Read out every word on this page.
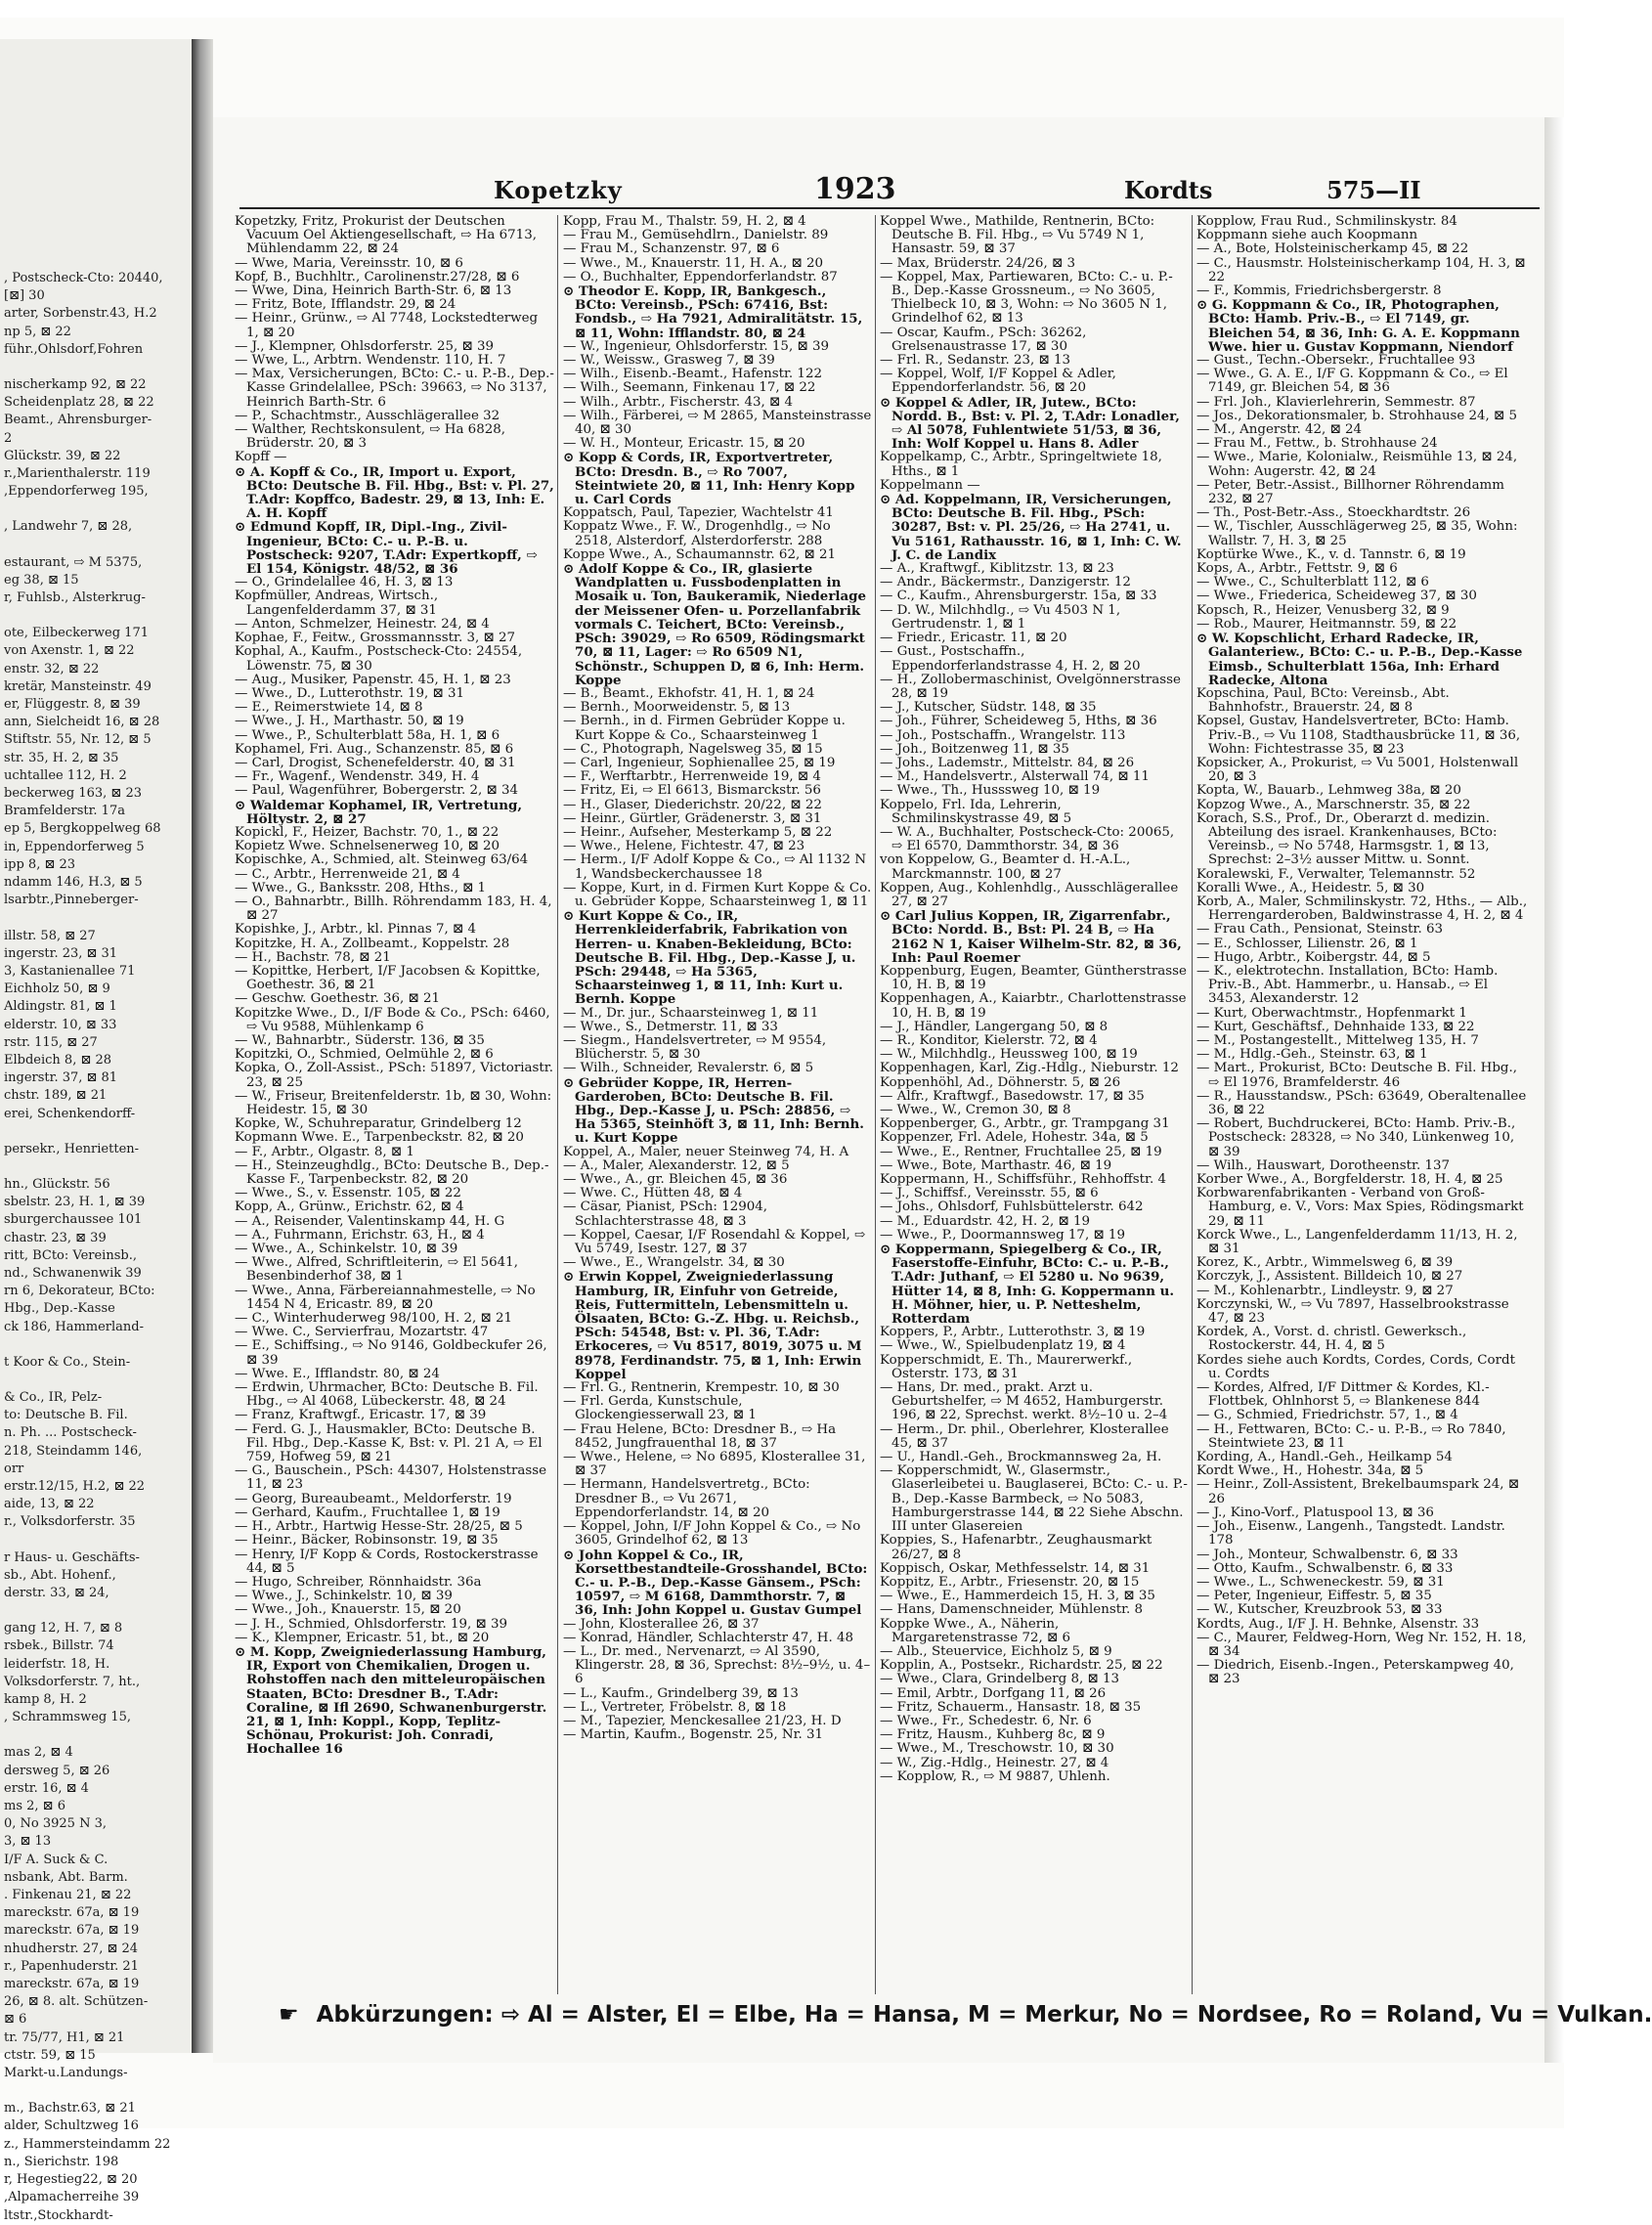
, Postscheck-Cto: 20440,
[⊠] 30
arter, Sorbenstr.43, H.2
np 5, ⊠ 22
führ.,Ohlsdorf,Fohren
nischerkamp 92, ⊠ 22
Scheidenplatz 28, ⊠ 22
Beamt., Ahrensburger-
2
Glückstr. 39, ⊠ 22
r.,Marienthalerstr. 119
,Eppendorferweg 195,
, Landwehr 7, ⊠ 28,
estaurant, ⇨ M 5375,
eg 38, ⊠ 15
r, Fuhlsb., Alsterkrug-
ote, Eilbeckerweg 171
von Axenstr. 1, ⊠ 22
enstr. 32, ⊠ 22
kretär, Mansteinstr. 49
er, Flüggestr. 8, ⊠ 39
ann, Sielcheidt 16, ⊠ 28
Stiftstr. 55, Nr. 12, ⊠ 5
str. 35, H. 2, ⊠ 35
uchtallee 112, H. 2
beckerweg 163, ⊠ 23
Bramfelderstr. 17a
ep 5, Bergkoppelweg 68
in, Eppendorferweg 5
ipp 8, ⊠ 23
ndamm 146, H.3, ⊠ 5
lsarbtr.,Pinneberger-
illstr. 58, ⊠ 27
ingerstr. 23, ⊠ 31
3, Kastanienallee 71
Eichholz 50, ⊠ 9
Aldingstr. 81, ⊠ 1
elderstr. 10, ⊠ 33
rstr. 115, ⊠ 27
Elbdeich 8, ⊠ 28
ingerstr. 37, ⊠ 81
chstr. 189, ⊠ 21
erei, Schenkendorff-
persekr., Henrietten-
hn., Glückstr. 56
sbelstr. 23, H. 1, ⊠ 39
sburgerchaussee 101
chastr. 23, ⊠ 39
ritt, BCto: Vereinsb.,
nd., Schwanenwik 39
rn 6, Dekorateur, BCto:
Hbg., Dep.-Kasse
ck 186, Hammerland-
t Koor & Co., Stein-
& Co., IR, Pelz-
to: Deutsche B. Fil.
n. Ph. ... Postscheck-
218, Steindamm 146,
orr
erstr.12/15, H.2, ⊠ 22
aide, 13, ⊠ 22
r., Volksdorferstr. 35
r Haus- u. Geschäfts-
sb., Abt. Hohenf.,
derstr. 33, ⊠ 24,
gang 12, H. 7, ⊠ 8
rsbek., Billstr. 74
leiderfstr. 18, H.
Volksdorferstr. 7, ht.,
kamp 8, H. 2
, Schrammsweg 15,
mas 2, ⊠ 4
dersweg 5, ⊠ 26
erstr. 16, ⊠ 4
ms 2, ⊠ 6
0, No 3925 N 3,
3, ⊠ 13
I/F A. Suck & C.
nsbank, Abt. Barm.
. Finkenau 21, ⊠ 22
mareckstr. 67a, ⊠ 19
mareckstr. 67a, ⊠ 19
nhudherstr. 27, ⊠ 24
r., Papenhuderstr. 21
mareckstr. 67a, ⊠ 19
26, ⊠ 8. alt. Schützen-
⊠ 6
tr. 75/77, H1, ⊠ 21
ctstr. 59, ⊠ 15
Markt-u.Landungs-
m., Bachstr.63, ⊠ 21
alder, Schultzweg 16
z., Hammersteindamm 22
n., Sierichstr. 198
r, Hegestieg22, ⊠ 20
,Alpamacherreihe 39
ltstr.,Stockhardt-
Kopetzky	1923	Kordts	575—II

Kopetzky, Fritz, Prokurist der Deutschen Vacuum Oel Aktiengesellschaft, ⇨ Ha 6713, Mühlendamm 22, ⊠ 24

— Wwe, Maria, Vereinsstr. 10, ⊠ 6

Kopf, B., Buchhltr., Carolinenstr.27/28, ⊠ 6

— Wwe, Dina, Heinrich Barth-Str. 6, ⊠ 13

— Fritz, Bote, Ifflandstr. 29, ⊠ 24

— Heinr., Grünw., ⇨ Al 7748, Lockstedterweg 1, ⊠ 20

— J., Klempner, Ohlsdorferstr. 25, ⊠ 39

— Wwe, L., Arbtrn. Wendenstr. 110, H. 7

— Max, Versicherungen, BCto: C.- u. P.-B., Dep.-Kasse Grindelallee, PSch: 39663, ⇨ No 3137, Heinrich Barth-Str. 6

— P., Schachtmstr., Ausschlägerallee 32

— Walther, Rechtskonsulent, ⇨ Ha 6828, Brüderstr. 20, ⊠ 3

Kopff —

⊙ A. Kopff & Co., IR, Import u. Export, BCto: Deutsche B. Fil. Hbg., Bst: v. Pl. 27, T.Adr: Kopffco, Badestr. 29, ⊠ 13, Inh: E. A. H. Kopff

⊙ Edmund Kopff, IR, Dipl.-Ing., Zivil-Ingenieur, BCto: C.- u. P.-B. u. Postscheck: 9207, T.Adr: Expertkopff, ⇨ El 154, Königstr. 48/52, ⊠ 36

— O., Grindelallee 46, H. 3, ⊠ 13

Kopfmüller, Andreas, Wirtsch., Langenfelderdamm 37, ⊠ 31

— Anton, Schmelzer, Heinestr. 24, ⊠ 4

Kophae, F., Feitw., Grossmannsstr. 3, ⊠ 27

Kophal, A., Kaufm., Postscheck-Cto: 24554, Löwenstr. 75, ⊠ 30

— Aug., Musiker, Papenstr. 45, H. 1, ⊠ 23

— Wwe., D., Lutterothstr. 19, ⊠ 31

— E., Reimerstwiete 14, ⊠ 8

— Wwe., J. H., Marthastr. 50, ⊠ 19

— Wwe., P., Schulterblatt 58a, H. 1, ⊠ 6

Kophamel, Fri. Aug., Schanzenstr. 85, ⊠ 6

— Carl, Drogist, Schenefelderstr. 40, ⊠ 31

— Fr., Wagenf., Wendenstr. 349, H. 4

— Paul, Wagenführer, Bobergerstr. 2, ⊠ 34

⊙ Waldemar Kophamel, IR, Vertretung, Höltystr. 2, ⊠ 27

Kopickl, F., Heizer, Bachstr. 70, 1., ⊠ 22

Kopietz Wwe. Schnelsenerweg 10, ⊠ 20

Kopischke, A., Schmied, alt. Steinweg 63/64

— C., Arbtr., Herrenweide 21, ⊠ 4

— Wwe., G., Banksstr. 208, Hths., ⊠ 1

— O., Bahnarbtr., Billh. Röhrendamm 183, H. 4, ⊠ 27

Kopishke, J., Arbtr., kl. Pinnas 7, ⊠ 4

Kopitzke, H. A., Zollbeamt., Koppelstr. 28

— H., Bachstr. 78, ⊠ 21

— Kopittke, Herbert, I/F Jacobsen & Kopittke, Goethestr. 36, ⊠ 21

— Geschw. Goethestr. 36, ⊠ 21

Kopitzke Wwe., D., I/F Bode & Co., PSch: 6460, ⇨ Vu 9588, Mühlenkamp 6

— W., Bahnarbtr., Süderstr. 136, ⊠ 35

Kopitzki, O., Schmied, Oelmühle 2, ⊠ 6

Kopka, O., Zoll-Assist., PSch: 51897, Victoriastr. 23, ⊠ 25

— W., Friseur, Breitenfelderstr. 1b, ⊠ 30, Wohn: Heidestr. 15, ⊠ 30

Kopke, W., Schuhreparatur, Grindelberg 12

Kopmann Wwe. E., Tarpenbeckstr. 82, ⊠ 20

— F., Arbtr., Olgastr. 8, ⊠ 1

— H., Steinzeughdlg., BCto: Deutsche B., Dep.-Kasse F., Tarpenbeckstr. 82, ⊠ 20

— Wwe., S., v. Essenstr. 105, ⊠ 22

Kopp, A., Grünw., Erichstr. 62, ⊠ 4

— A., Reisender, Valentinskamp 44, H. G

— A., Fuhrmann, Erichstr. 63, H., ⊠ 4

— Wwe., A., Schinkelstr. 10, ⊠ 39

— Wwe., Alfred, Schriftleiterin, ⇨ El 5641, Besenbinderhof 38, ⊠ 1

— Wwe., Anna, Färbereiannahmestelle, ⇨ No 1454 N 4, Ericastr. 89, ⊠ 20

— C., Winterhuderweg 98/100, H. 2, ⊠ 21

— Wwe. C., Servierfrau, Mozartstr. 47

— E., Schiffsing., ⇨ No 9146, Goldbeckufer 26, ⊠ 39

— Wwe. E., Ifflandstr. 80, ⊠ 24

— Erdwin, Uhrmacher, BCto: Deutsche B. Fil. Hbg., ⇨ Al 4068, Lübeckerstr. 48, ⊠ 24

— Franz, Kraftwgf., Ericastr. 17, ⊠ 39

— Ferd. G. J., Hausmakler, BCto: Deutsche B. Fil. Hbg., Dep.-Kasse K, Bst: v. Pl. 21 A, ⇨ El 759, Hofweg 59, ⊠ 21

— G., Bauschein., PSch: 44307, Holstenstrasse 11, ⊠ 23

— Georg, Bureaubeamt., Meldorferstr. 19

— Gerhard, Kaufm., Fruchtallee 1, ⊠ 19

— H., Arbtr., Hartwig Hesse-Str. 28/25, ⊠ 5

— Heinr., Bäcker, Robinsonstr. 19, ⊠ 35

— Henry, I/F Kopp & Cords, Rostockerstrasse 44, ⊠ 5

— Hugo, Schreiber, Rönnhaidstr. 36a

— Wwe., J., Schinkelstr. 10, ⊠ 39

— Wwe., Joh., Knauerstr. 15, ⊠ 20

— J. H., Schmied, Ohlsdorferstr. 19, ⊠ 39

— K., Klempner, Ericastr. 51, bt., ⊠ 20

⊙ M. Kopp, Zweigniederlassung Hamburg, IR, Export von Chemikalien, Drogen u. Rohstoffen nach den mitteleuropäischen Staaten, BCto: Dresdner B., T.Adr: Coraline, ⊠ Ifl 2690, Schwanenburgerstr. 21, ⊠ 1, Inh: Koppl., Kopp, Teplitz-Schönau, Prokurist: Joh. Conradi, Hochallee 16

Kopp, Frau M., Thalstr. 59, H. 2, ⊠ 4

— Frau M., Gemüsehdlrn., Danielstr. 89

— Frau M., Schanzenstr. 97, ⊠ 6

— Wwe., M., Knauerstr. 11, H. A., ⊠ 20

— O., Buchhalter, Eppendorferlandstr. 87

⊙ Theodor E. Kopp, IR, Bankgesch., BCto: Vereinsb., PSch: 67416, Bst: Fondsb., ⇨ Ha 7921, Admiralitätstr. 15, ⊠ 11, Wohn: Ifflandstr. 80, ⊠ 24

— W., Ingenieur, Ohlsdorferstr. 15, ⊠ 39

— W., Weissw., Grasweg 7, ⊠ 39

— Wilh., Eisenb.-Beamt., Hafenstr. 122

— Wilh., Seemann, Finkenau 17, ⊠ 22

— Wilh., Arbtr., Fischerstr. 43, ⊠ 4

— Wilh., Färberei, ⇨ M 2865, Mansteinstrasse 40, ⊠ 30

— W. H., Monteur, Ericastr. 15, ⊠ 20

⊙ Kopp & Cords, IR, Exportvertreter, BCto: Dresdn. B., ⇨ Ro 7007, Steintwiete 20, ⊠ 11, Inh: Henry Kopp u. Carl Cords

Koppatsch, Paul, Tapezier, Wachtelstr 41

Koppatz Wwe., F. W., Drogenhdlg., ⇨ No 2518, Alsterdorf, Alsterdorferstr. 288

Koppe Wwe., A., Schaumannstr. 62, ⊠ 21

⊙ Adolf Koppe & Co., IR, glasierte Wandplatten u. Fussbodenplatten in Mosaik u. Ton, Baukeramik, Niederlage der Meissener Ofen- u. Porzellanfabrik vormals C. Teichert, BCto: Vereinsb., PSch: 39029, ⇨ Ro 6509, Rödingsmarkt 70, ⊠ 11, Lager: ⇨ Ro 6509 N1, Schönstr., Schuppen D, ⊠ 6, Inh: Herm. Koppe

— B., Beamt., Ekhofstr. 41, H. 1, ⊠ 24

— Bernh., Moorweidenstr. 5, ⊠ 13

— Bernh., in d. Firmen Gebrüder Koppe u. Kurt Koppe & Co., Schaarsteinweg 1

— C., Photograph, Nagelsweg 35, ⊠ 15

— Carl, Ingenieur, Sophienallee 25, ⊠ 19

— F., Werftarbtr., Herrenweide 19, ⊠ 4

— Fritz, Ei, ⇨ El 6613, Bismarckstr. 56

— H., Glaser, Diederichstr. 20/22, ⊠ 22

— Heinr., Gürtler, Grädenerstr. 3, ⊠ 31

— Heinr., Aufseher, Mesterkamp 5, ⊠ 22

— Wwe., Helene, Fichtestr. 47, ⊠ 23

— Herm., I/F Adolf Koppe & Co., ⇨ Al 1132 N 1, Wandsbeckerchaussee 18

— Koppe, Kurt, in d. Firmen Kurt Koppe & Co. u. Gebrüder Koppe, Schaarsteinweg 1, ⊠ 11

⊙ Kurt Koppe & Co., IR, Herrenkleiderfabrik, Fabrikation von Herren- u. Knaben-Bekleidung, BCto: Deutsche B. Fil. Hbg., Dep.-Kasse J, u. PSch: 29448, ⇨ Ha 5365, Schaarsteinweg 1, ⊠ 11, Inh: Kurt u. Bernh. Koppe

— M., Dr. jur., Schaarsteinweg 1, ⊠ 11

— Wwe., S., Detmerstr. 11, ⊠ 33

— Siegm., Handelsvertreter, ⇨ M 9554, Blücherstr. 5, ⊠ 30

— Wilh., Schneider, Revalerstr. 6, ⊠ 5

⊙ Gebrüder Koppe, IR, Herren-Garderoben, BCto: Deutsche B. Fil. Hbg., Dep.-Kasse J, u. PSch: 28856, ⇨ Ha 5365, Steinhöft 3, ⊠ 11, Inh: Bernh. u. Kurt Koppe

Koppel, A., Maler, neuer Steinweg 74, H. A

— A., Maler, Alexanderstr. 12, ⊠ 5

— Wwe., A., gr. Bleichen 45, ⊠ 36

— Wwe. C., Hütten 48, ⊠ 4

— Cäsar, Pianist, PSch: 12904, Schlachterstrasse 48, ⊠ 3

— Koppel, Caesar, I/F Rosendahl & Koppel, ⇨ Vu 5749, Isestr. 127, ⊠ 37

— Wwe., E., Wrangelstr. 34, ⊠ 30

⊙ Erwin Koppel, Zweigniederlassung Hamburg, IR, Einfuhr von Getreide, Reis, Futtermitteln, Lebensmitteln u. Ölsaaten, BCto: G.-Z. Hbg. u. Reichsb., PSch: 54548, Bst: v. Pl. 36, T.Adr: Erkoceres, ⇨ Vu 8517, 8019, 3075 u. M 8978, Ferdinandstr. 75, ⊠ 1, Inh: Erwin Koppel

— Frl. G., Rentnerin, Krempestr. 10, ⊠ 30

— Frl. Gerda, Kunstschule, Glockengiesserwall 23, ⊠ 1

— Frau Helene, BCto: Dresdner B., ⇨ Ha 8452, Jungfrauenthal 18, ⊠ 37

— Wwe., Helene, ⇨ No 6895, Klosterallee 31, ⊠ 37

— Hermann, Handelsvertretg., BCto: Dresdner B., ⇨ Vu 2671, Eppendorferlandstr. 14, ⊠ 20

— Koppel, John, I/F John Koppel & Co., ⇨ No 3605, Grindelhof 62, ⊠ 13

⊙ John Koppel & Co., IR, Korsettbestandteile-Grosshandel, BCto: C.- u. P.-B., Dep.-Kasse Gänsem., PSch: 10597, ⇨ M 6168, Dammthorstr. 7, ⊠ 36, Inh: John Koppel u. Gustav Gumpel

— John, Klosterallee 26, ⊠ 37

— Konrad, Händler, Schlachterstr 47, H. 48

— L., Dr. med., Nervenarzt, ⇨ Al 3590, Klingerstr. 28, ⊠ 36, Sprechst: 8½–9½, u. 4–6

— L., Kaufm., Grindelberg 39, ⊠ 13

— L., Vertreter, Fröbelstr. 8, ⊠ 18

— M., Tapezier, Menckesallee 21/23, H. D

— Martin, Kaufm., Bogenstr. 25, Nr. 31

Koppel Wwe., Mathilde, Rentnerin, BCto: Deutsche B. Fil. Hbg., ⇨ Vu 5749 N 1, Hansastr. 59, ⊠ 37

— Max, Brüderstr. 24/26, ⊠ 3

— Koppel, Max, Partiewaren, BCto: C.- u. P.-B., Dep.-Kasse Grossneum., ⇨ No 3605, Thielbeck 10, ⊠ 3, Wohn: ⇨ No 3605 N 1, Grindelhof 62, ⊠ 13

— Oscar, Kaufm., PSch: 36262, Grelsenaustrasse 17, ⊠ 30

— Frl. R., Sedanstr. 23, ⊠ 13

— Koppel, Wolf, I/F Koppel & Adler, Eppendorferlandstr. 56, ⊠ 20

⊙ Koppel & Adler, IR, Jutew., BCto: Nordd. B., Bst: v. Pl. 2, T.Adr: Lonadler, ⇨ Al 5078, Fuhlentwiete 51/53, ⊠ 36, Inh: Wolf Koppel u. Hans 8. Adler

Koppelkamp, C., Arbtr., Springeltwiete 18, Hths., ⊠ 1

Koppelmann —

⊙ Ad. Koppelmann, IR, Versicherungen, BCto: Deutsche B. Fil. Hbg., PSch: 30287, Bst: v. Pl. 25/26, ⇨ Ha 2741, u. Vu 5161, Rathausstr. 16, ⊠ 1, Inh: C. W. J. C. de Landix

— A., Kraftwgf., Kiblitzstr. 13, ⊠ 23

— Andr., Bäckermstr., Danzigerstr. 12

— C., Kaufm., Ahrensburgerstr. 15a, ⊠ 33

— D. W., Milchhdlg., ⇨ Vu 4503 N 1, Gertrudenstr. 1, ⊠ 1

— Friedr., Ericastr. 11, ⊠ 20

— Gust., Postschaffn., Eppendorferlandstrasse 4, H. 2, ⊠ 20

— H., Zollobermaschinist, Ovelgönnerstrasse 28, ⊠ 19

— J., Kutscher, Südstr. 148, ⊠ 35

— Joh., Führer, Scheideweg 5, Hths, ⊠ 36

— Joh., Postschaffn., Wrangelstr. 113

— Joh., Boitzenweg 11, ⊠ 35

— Johs., Lademstr., Mittelstr. 84, ⊠ 26

— M., Handelsvertr., Alsterwall 74, ⊠ 11

— Wwe., Th., Husssweg 10, ⊠ 19

Koppelo, Frl. Ida, Lehrerin, Schmilinskystrasse 49, ⊠ 5

— W. A., Buchhalter, Postscheck-Cto: 20065, ⇨ El 6570, Dammthorstr. 34, ⊠ 36

von Koppelow, G., Beamter d. H.-A.L., Marckmannstr. 100, ⊠ 27

Koppen, Aug., Kohlenhdlg., Ausschlägerallee 27, ⊠ 27

⊙ Carl Julius Koppen, IR, Zigarrenfabr., BCto: Nordd. B., Bst: Pl. 24 B, ⇨ Ha 2162 N 1, Kaiser Wilhelm-Str. 82, ⊠ 36, Inh: Paul Roemer

Koppenburg, Eugen, Beamter, Güntherstrasse 10, H. B, ⊠ 19

Koppenhagen, A., Kaiarbtr., Charlottenstrasse 10, H. B, ⊠ 19

— J., Händler, Langergang 50, ⊠ 8

— R., Konditor, Kielerstr. 72, ⊠ 4

— W., Milchhdlg., Heussweg 100, ⊠ 19

Koppenhagen, Karl, Zig.-Hdlg., Nieburstr. 12

Koppenhöhl, Ad., Döhnerstr. 5, ⊠ 26

— Alfr., Kraftwgf., Basedowstr. 17, ⊠ 35

— Wwe., W., Cremon 30, ⊠ 8

Koppenberger, G., Arbtr., gr. Trampgang 31

Koppenzer, Frl. Adele, Hohestr. 34a, ⊠ 5

— Wwe., E., Rentner, Fruchtallee 25, ⊠ 19

— Wwe., Bote, Marthastr. 46, ⊠ 19

Koppermann, H., Schiffsführ., Rehhoffstr. 4

— J., Schiffsf., Vereinsstr. 55, ⊠ 6

— Johs., Ohlsdorf, Fuhlsbüttelerstr. 642

— M., Eduardstr. 42, H. 2, ⊠ 19

— Wwe., P., Doormannsweg 17, ⊠ 19

⊙ Koppermann, Spiegelberg & Co., IR, Faserstoffe-Einfuhr, BCto: C.- u. P.-B., T.Adr: Juthanf, ⇨ El 5280 u. No 9639, Hütter 14, ⊠ 8, Inh: G. Koppermann u. H. Möhner, hier, u. P. Netteshelm, Rotterdam

Koppers, P., Arbtr., Lutterothstr. 3, ⊠ 19

— Wwe., W., Spielbudenplatz 19, ⊠ 4

Kopperschmidt, E. Th., Maurerwerkf., Osterstr. 173, ⊠ 31

— Hans, Dr. med., prakt. Arzt u. Geburtshelfer, ⇨ M 4652, Hamburgerstr. 196, ⊠ 22, Sprechst. werkt. 8½–10 u. 2–4

— Herm., Dr. phil., Oberlehrer, Klosterallee 45, ⊠ 37

— U., Handl.-Geh., Brockmannsweg 2a, H.

— Kopperschmidt, W., Glasermstr., Glaserleibetei u. Bauglaserei, BCto: C.- u. P.-B., Dep.-Kasse Barmbeck, ⇨ No 5083, Hamburgerstrasse 144, ⊠ 22 Siehe Abschn. III unter Glasereien

Koppies, S., Hafenarbtr., Zeughausmarkt 26/27, ⊠ 8

Koppisch, Oskar, Methfesselstr. 14, ⊠ 31

Koppitz, E., Arbtr., Friesenstr. 20, ⊠ 15

— Wwe., E., Hammerdeich 15, H. 3, ⊠ 35

— Hans, Damenschneider, Mühlenstr. 8

Koppke Wwe., A., Näherin, Margaretenstrasse 72, ⊠ 6

— Alb., Steuervice, Eichholz 5, ⊠ 9

Kopplin, A., Postsekr., Richardstr. 25, ⊠ 22

— Wwe., Clara, Grindelberg 8, ⊠ 13

— Emil, Arbtr., Dorfgang 11, ⊠ 26

— Fritz, Schauerm., Hansastr. 18, ⊠ 35

— Wwe., Fr., Schedestr. 6, Nr. 6

— Fritz, Hausm., Kuhberg 8c, ⊠ 9

— Wwe., M., Treschowstr. 10, ⊠ 30

— W., Zig.-Hdlg., Heinestr. 27, ⊠ 4

— Kopplow, R., ⇨ M 9887, Uhlenh.

Kopplow, Frau Rud., Schmilinskystr. 84

Koppmann siehe auch Koopmann

— A., Bote, Holsteinischerkamp 45, ⊠ 22

— C., Hausmstr. Holsteinischerkamp 104, H. 3, ⊠ 22

— F., Kommis, Friedrichsbergerstr. 8

⊙ G. Koppmann & Co., IR, Photographen, BCto: Hamb. Priv.-B., ⇨ El 7149, gr. Bleichen 54, ⊠ 36, Inh: G. A. E. Koppmann Wwe. hier u. Gustav Koppmann, Niendorf

— Gust., Techn.-Obersekr., Fruchtallee 93

— Wwe., G. A. E., I/F G. Koppmann & Co., ⇨ El 7149, gr. Bleichen 54, ⊠ 36

— Frl. Joh., Klavierlehrerin, Semmestr. 87

— Jos., Dekorationsmaler, b. Strohhause 24, ⊠ 5

— M., Angerstr. 42, ⊠ 24

— Frau M., Fettw., b. Strohhause 24

— Wwe., Marie, Kolonialw., Reismühle 13, ⊠ 24, Wohn: Augerstr. 42, ⊠ 24

— Peter, Betr.-Assist., Billhorner Röhrendamm 232, ⊠ 27

— Th., Post-Betr.-Ass., Stoeckhardtstr. 26

— W., Tischler, Ausschlägerweg 25, ⊠ 35, Wohn: Wallstr. 7, H. 3, ⊠ 25

Koptürke Wwe., K., v. d. Tannstr. 6, ⊠ 19

Kops, A., Arbtr., Fettstr. 9, ⊠ 6

— Wwe., C., Schulterblatt 112, ⊠ 6

— Wwe., Friederica, Scheideweg 37, ⊠ 30

Kopsch, R., Heizer, Venusberg 32, ⊠ 9

— Rob., Maurer, Heitmannstr. 59, ⊠ 22

⊙ W. Kopschlicht, Erhard Radecke, IR, Galanteriew., BCto: C.- u. P.-B., Dep.-Kasse Eimsb., Schulterblatt 156a, Inh: Erhard Radecke, Altona

Kopschina, Paul, BCto: Vereinsb., Abt. Bahnhofstr., Brauerstr. 24, ⊠ 8

Kopsel, Gustav, Handelsvertreter, BCto: Hamb. Priv.-B., ⇨ Vu 1108, Stadthausbrücke 11, ⊠ 36, Wohn: Fichtestrasse 35, ⊠ 23

Kopsicker, A., Prokurist, ⇨ Vu 5001, Holstenwall 20, ⊠ 3

Kopta, W., Bauarb., Lehmweg 38a, ⊠ 20

Kopzog Wwe., A., Marschnerstr. 35, ⊠ 22

Korach, S.S., Prof., Dr., Oberarzt d. medizin. Abteilung des israel. Krankenhauses, BCto: Vereinsb., ⇨ No 5748, Harmsgstr. 1, ⊠ 13, Sprechst: 2–3½ ausser Mittw. u. Sonnt.

Koralewski, F., Verwalter, Telemannstr. 52

Koralli Wwe., A., Heidestr. 5, ⊠ 30

Korb, A., Maler, Schmilinskystr. 72, Hths., — Alb., Herrengarderoben, Baldwinstrasse 4, H. 2, ⊠ 4

— Frau Cath., Pensionat, Steinstr. 63

— E., Schlosser, Lilienstr. 26, ⊠ 1

— Hugo, Arbtr., Koibergstr. 44, ⊠ 5

— K., elektrotechn. Installation, BCto: Hamb. Priv.-B., Abt. Hammerbr., u. Hansab., ⇨ El 3453, Alexanderstr. 12

— Kurt, Oberwachtmstr., Hopfenmarkt 1

— Kurt, Geschäftsf., Dehnhaide 133, ⊠ 22

— M., Postangestellt., Mittelweg 135, H. 7

— M., Hdlg.-Geh., Steinstr. 63, ⊠ 1

— Mart., Prokurist, BCto: Deutsche B. Fil. Hbg., ⇨ El 1976, Bramfelderstr. 46

— R., Hausstandsw., PSch: 63649, Oberaltenallee 36, ⊠ 22

— Robert, Buchdruckerei, BCto: Hamb. Priv.-B., Postscheck: 28328, ⇨ No 340, Lünkenweg 10, ⊠ 39

— Wilh., Hauswart, Dorotheenstr. 137

Korber Wwe., A., Borgfelderstr. 18, H. 4, ⊠ 25

Korbwarenfabrikanten - Verband von Groß-Hamburg, e. V., Vors: Max Spies, Rödingsmarkt 29, ⊠ 11

Korck Wwe., L., Langenfelderdamm 11/13, H. 2, ⊠ 31

Korez, K., Arbtr., Wimmelsweg 6, ⊠ 39

Korczyk, J., Assistent. Billdeich 10, ⊠ 27

— M., Kohlenarbtr., Lindleystr. 9, ⊠ 27

Korczynski, W., ⇨ Vu 7897, Hasselbrookstrasse 47, ⊠ 23

Kordek, A., Vorst. d. christl. Gewerksch., Rostockerstr. 44, H. 4, ⊠ 5

Kordes siehe auch Kordts, Cordes, Cords, Cordt u. Cordts

— Kordes, Alfred, I/F Dittmer & Kordes, Kl.-Flottbek, Ohlnhorst 5, ⇨ Blankenese 844

— G., Schmied, Friedrichstr. 57, 1., ⊠ 4

— H., Fettwaren, BCto: C.- u. P.-B., ⇨ Ro 7840, Steintwiete 23, ⊠ 11

Kording, A., Handl.-Geh., Heilkamp 54

Kordt Wwe., H., Hohestr. 34a, ⊠ 5

— Heinr., Zoll-Assistent, Brekelbaumspark 24, ⊠ 26

— J., Kino-Vorf., Platuspool 13, ⊠ 36

— Joh., Eisenw., Langenh., Tangstedt. Landstr. 178

— Joh., Monteur, Schwalbenstr. 6, ⊠ 33

— Otto, Kaufm., Schwalbenstr. 6, ⊠ 33

— Wwe., L., Schweneckestr. 59, ⊠ 31

— Peter, Ingenieur, Eiffestr. 5, ⊠ 35

— W., Kutscher, Kreuzbrook 53, ⊠ 33

Kordts, Aug., I/F J. H. Behnke, Alsenstr. 33

— C., Maurer, Feldweg-Horn, Weg Nr. 152, H. 18, ⊠ 34

— Diedrich, Eisenb.-Ingen., Peterskampweg 40, ⊠ 23

☛ Abkürzungen: ⇨ Al = Alster, El = Elbe, Ha = Hansa, M = Merkur, No = Nordsee, Ro = Roland, Vu = Vulkan.
